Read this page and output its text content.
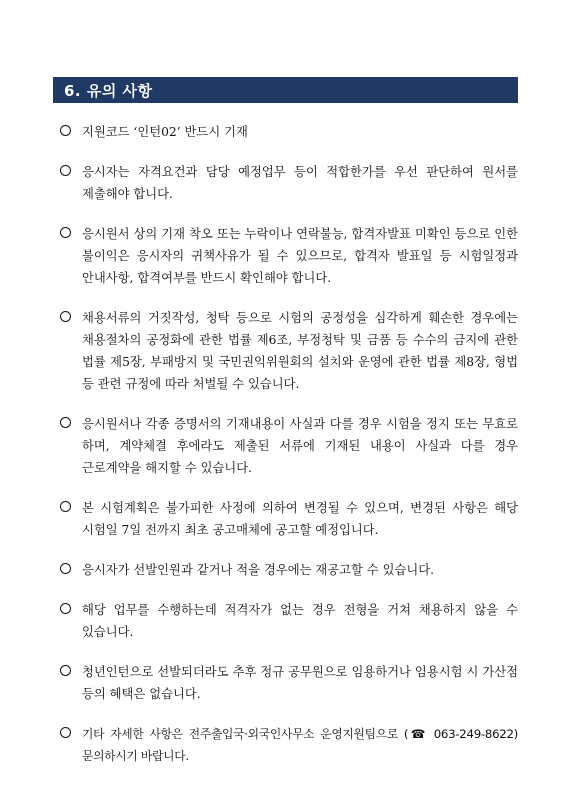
6. 유의 사항
지원코드 ‘인턴02’ 반드시 기재
응시자는 자격요건과 담당 예정업무 등이 적합한가를 우선 판단하여 원서를 제출해야 합니다.
응시원서 상의 기재 착오 또는 누락이나 연락불능, 합격자발표 미확인 등으로 인한 불이익은 응시자의 귀책사유가 될 수 있으므로, 합격자 발표일 등 시험일정과 안내사항, 합격여부를 반드시 확인해야 합니다.
채용서류의 거짓작성, 청탁 등으로 시험의 공정성을 심각하게 훼손한 경우에는 채용절차의 공정화에 관한 법률 제6조, 부정청탁 및 금품 등 수수의 금지에 관한 법률 제5장, 부패방지 및 국민권익위원회의 설치와 운영에 관한 법률 제8장, 형법 등 관련 규정에 따라 처벌될 수 있습니다.
응시원서나 각종 증명서의 기재내용이 사실과 다를 경우 시험을 정지 또는 무효로 하며, 계약체결 후에라도 제출된 서류에 기재된 내용이 사실과 다를 경우 근로계약을 해지할 수 있습니다.
본 시험계획은 불가피한 사정에 의하여 변경될 수 있으며, 변경된 사항은 해당 시험일 7일 전까지 최초 공고매체에 공고할 예정입니다.
응시자가 선발인원과 같거나 적을 경우에는 재공고할 수 있습니다.
해당 업무를 수행하는데 적격자가 없는 경우 전형을 거쳐 채용하지 않을 수 있습니다.
청년인턴으로 선발되더라도 추후 정규 공무원으로 임용하거나 임용시험 시 가산점 등의 혜택은 없습니다.
기타 자세한 사항은 전주출입국·외국인사무소 운영지원팀으로 (☎ 063-249-8622) 문의하시기 바랍니다.
